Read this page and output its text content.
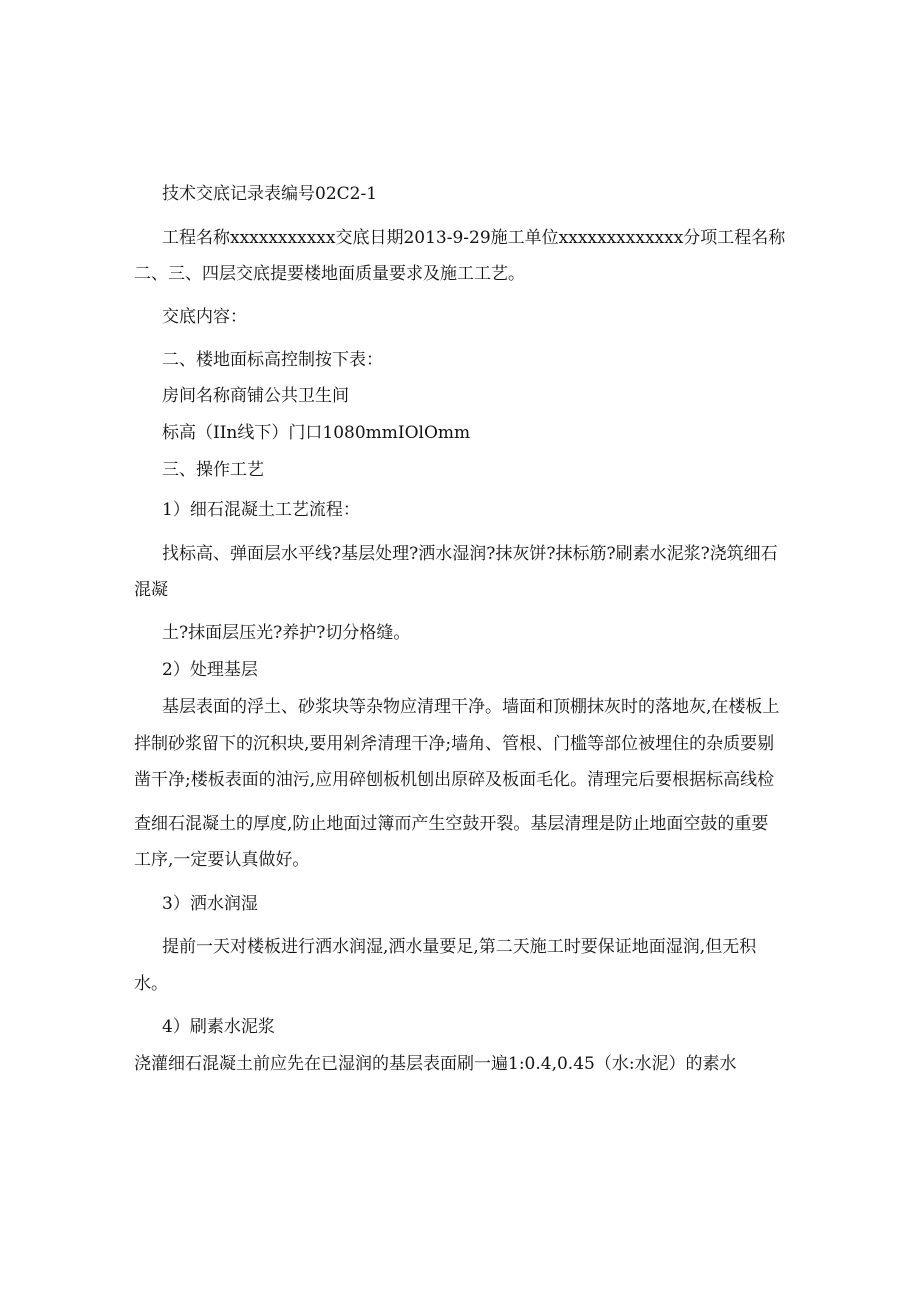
技术交底记录表编号02C2-1
工程名称xxxxxxxxxxx交底日期2013-9-29施工单位xxxxxxxxxxxxx分项工程名称
二、三、四层交底提要楼地面质量要求及施工工艺。
交底内容：
二、楼地面标高控制按下表：
房间名称商铺公共卫生间
标高（IIn线下）门口1080mmIOlOmm
三、操作工艺
1）细石混凝土工艺流程：
找标高、弹面层水平线?基层处理?洒水湿润?抹灰饼?抹标筋?刷素水泥浆?浇筑细石
混凝
土?抹面层压光?养护?切分格缝。
2）处理基层
基层表面的浮土、砂浆块等杂物应清理干净。墙面和顶棚抹灰时的落地灰,在楼板上
拌制砂浆留下的沉积块,要用剁斧清理干净;墙角、管根、门槛等部位被埋住的杂质要剔
凿干净;楼板表面的油污,应用碎刨板机刨出原碎及板面毛化。清理完后要根据标高线检
查细石混凝土的厚度,防止地面过簿而产生空鼓开裂。基层清理是防止地面空鼓的重要
工序,一定要认真做好。
3）洒水润湿
提前一天对楼板进行洒水润湿,洒水量要足,第二天施工时要保证地面湿润,但无积
水。
4）刷素水泥浆
浇灌细石混凝土前应先在已湿润的基层表面刷一遍1:0.4,0.45（水:水泥）的素水
